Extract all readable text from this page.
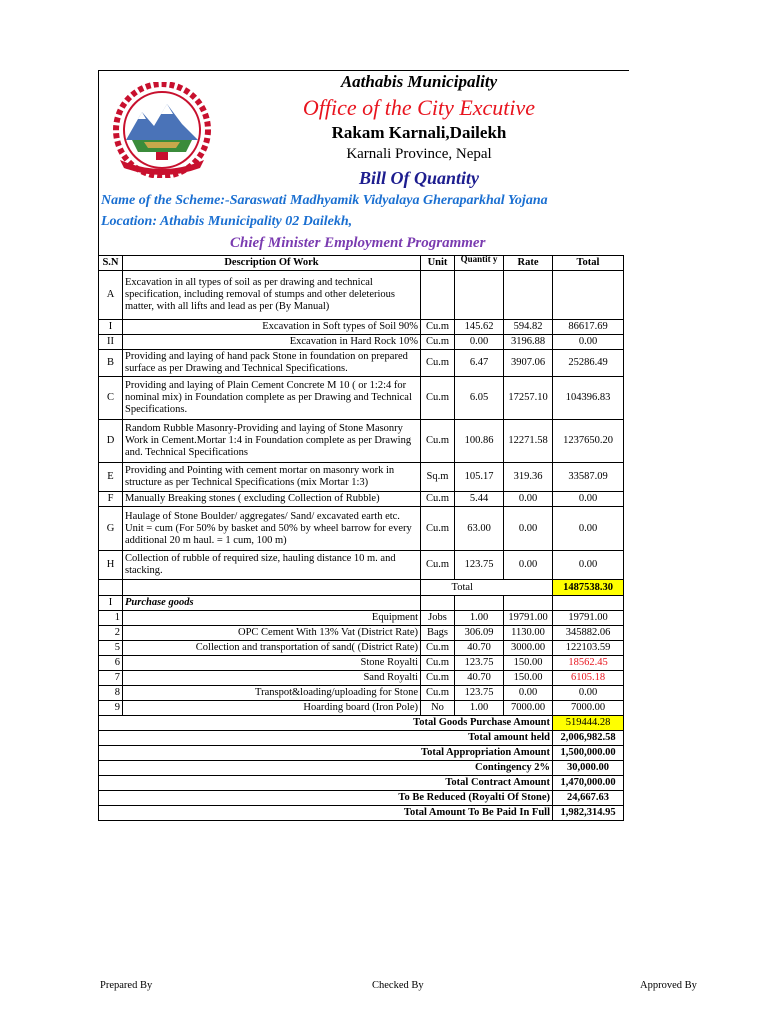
Aathabis Municipality
Office of the City Excutive
Rakam Karnali,Dailekh
Karnali Province, Nepal
Bill Of Quantity
Name of the Scheme:-Saraswati Madhyamik Vidyalaya Gheraparkhal Yojana
Location: Athabis Municipality 02 Dailekh,
Chief Minister Employment Programmer
S.N	Description Of Work	Unit	Quantit y	Rate	Total
A	Excavation in all types of soil as per drawing and technical specification, including removal of stumps and other deleterious matter, with all lifts and lead as per (By Manual)				
I	Excavation in Soft types of Soil 90%	Cu.m	145.62	594.82	86617.69
II	Excavation in Hard Rock 10%	Cu.m	0.00	3196.88	0.00
B	Providing and laying of hand pack Stone in foundation on prepared surface as per Drawing and Technical Specifications.	Cu.m	6.47	3907.06	25286.49
C	Providing and laying of Plain Cement Concrete M 10 ( or 1:2:4 for nominal mix) in Foundation complete as per Drawing and Technical Specifications.	Cu.m	6.05	17257.10	104396.83
D	Random Rubble Masonry-Providing and laying of Stone Masonry Work in Cement.Mortar 1:4 in Foundation complete as per Drawing and. Technical Specifications	Cu.m	100.86	12271.58	1237650.20
E	Providing and Pointing with cement mortar on masonry work in structure as per Technical Specifications (mix Mortar 1:3)	Sq.m	105.17	319.36	33587.09
F	Manually Breaking stones ( excluding Collection of Rubble)	Cu.m	5.44	0.00	0.00
G	Haulage of Stone Boulder/ aggregates/ Sand/ excavated earth etc. Unit = cum (For 50% by basket and 50% by wheel barrow for every additional 20 m haul. = 1 cum, 100 m)	Cu.m	63.00	0.00	0.00
H	Collection of rubble of required size, hauling distance 10 m. and stacking.	Cu.m	123.75	0.00	0.00
		Total			1487538.30
I	Purchase goods				
1	Equipment	Jobs	1.00	19791.00	19791.00
2	OPC Cement With 13% Vat (District Rate)	Bags	306.09	1130.00	345882.06
5	Collection and transportation of sand( (District Rate)	Cu.m	40.70	3000.00	122103.59
6	Stone Royalti	Cu.m	123.75	150.00	18562.45
7	Sand Royalti	Cu.m	40.70	150.00	6105.18
8	Transpot&loading/uploading for Stone	Cu.m	123.75	0.00	0.00
9	Hoarding board (Iron Pole)	No	1.00	7000.00	7000.00
Total Goods Purchase Amount					519444.28
Total amount held					2,006,982.58
Total Appropriation Amount					1,500,000.00
Contingency 2%					30,000.00
Total Contract Amount					1,470,000.00
To Be Reduced (Royalti Of Stone)					24,667.63
Total Amount To Be Paid In Full					1,982,314.95
Prepared By	Checked By	Approved By
